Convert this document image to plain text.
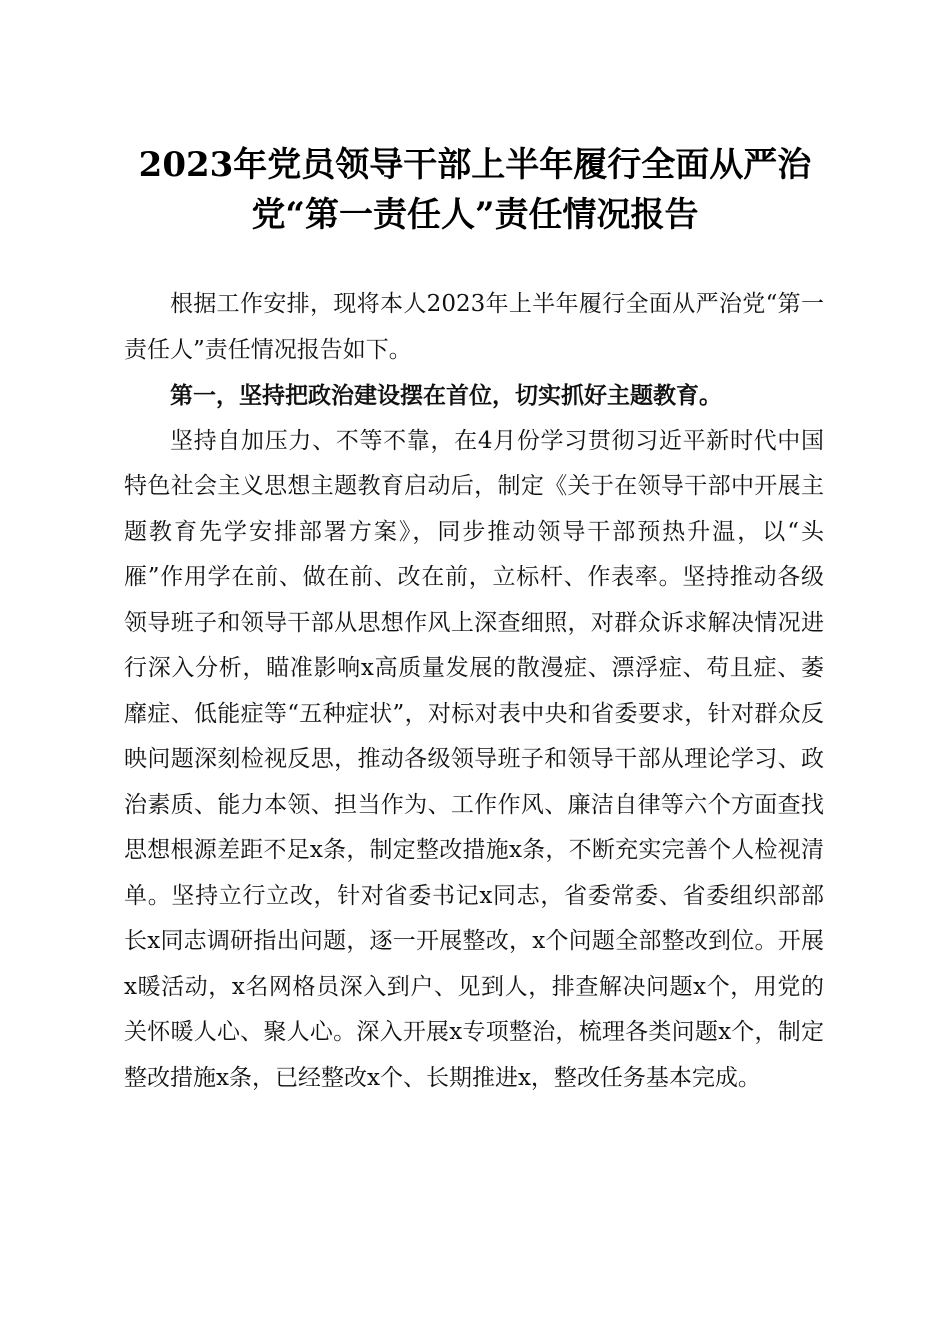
2023年党员领导干部上半年履行全面从严治
党“第一责任人”责任情况报告

根据工作安排，现将本人2023年上半年履行全面从严治党“第一责任人”责任情况报告如下。

第一，坚持把政治建设摆在首位，切实抓好主题教育。

坚持自加压力、不等不靠，在4月份学习贯彻习近平新时代中国特色社会主义思想主题教育启动后，制定《关于在领导干部中开展主题教育先学安排部署方案》，同步推动领导干部预热升温，以“头雁”作用学在前、做在前、改在前，立标杆、作表率。坚持推动各级领导班子和领导干部从思想作风上深查细照，对群众诉求解决情况进行深入分析，瞄准影响x高质量发展的散漫症、漂浮症、苟且症、萎靡症、低能症等“五种症状”，对标对表中央和省委要求，针对群众反映问题深刻检视反思，推动各级领导班子和领导干部从理论学习、政治素质、能力本领、担当作为、工作作风、廉洁自律等六个方面查找思想根源差距不足x条，制定整改措施x条，不断充实完善个人检视清单。坚持立行立改，针对省委书记x同志，省委常委、省委组织部部长x同志调研指出问题，逐一开展整改，x个问题全部整改到位。开展x暖活动，x名网格员深入到户、见到人，排查解决问题x个，用党的关怀暖人心、聚人心。深入开展x专项整治，梳理各类问题x个，制定整改措施x条，已经整改x个、长期推进x，整改任务基本完成。
